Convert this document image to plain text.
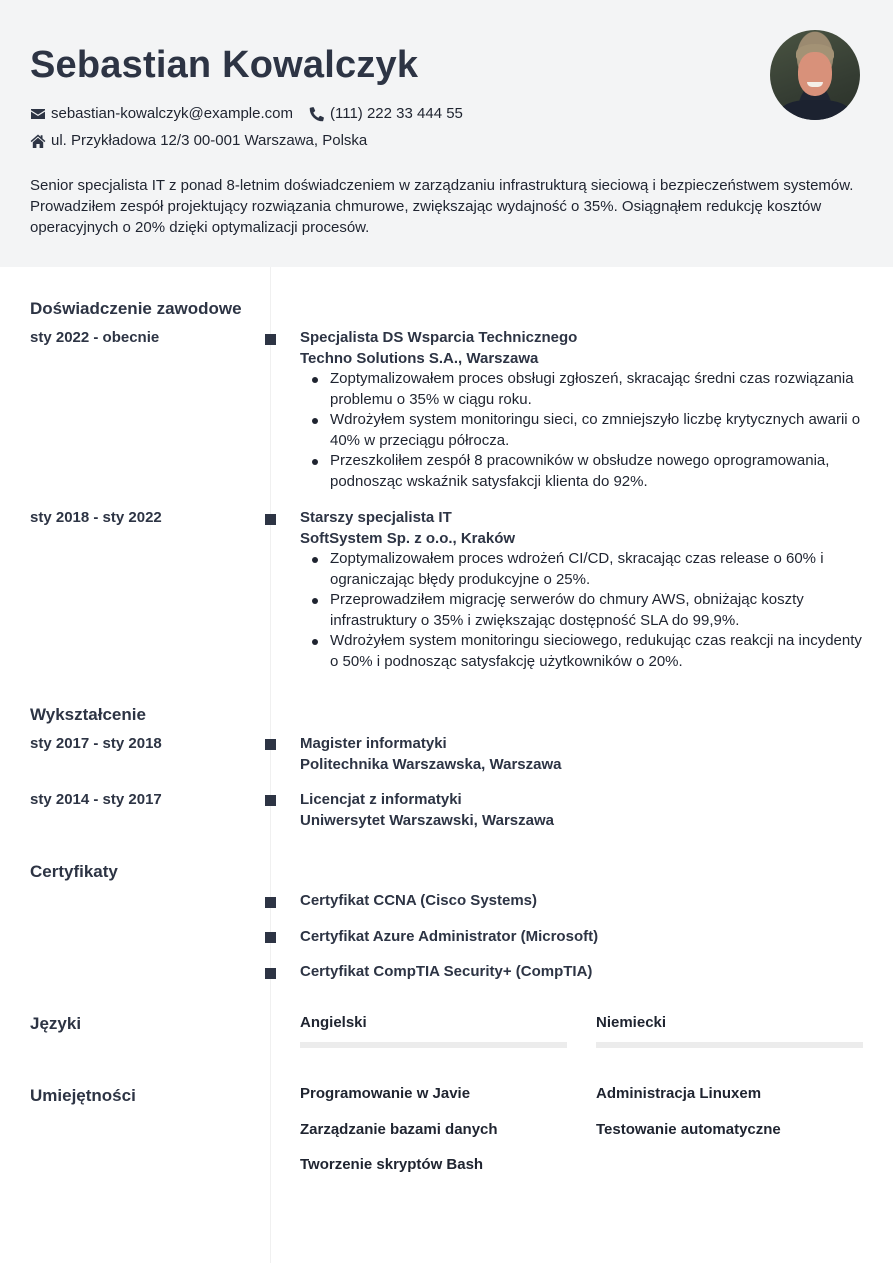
Sebastian Kowalczyk
sebastian-kowalczyk@example.com (111) 222 33 444 55
ul. Przykładowa 12/3 00-001 Warszawa, Polska
Senior specjalista IT z ponad 8-letnim doświadczeniem w zarządzaniu infrastrukturą sieciową i bezpieczeństwem systemów. Prowadziłem zespół projektujący rozwiązania chmurowe, zwiększając wydajność o 35%. Osiągnąłem redukcję kosztów operacyjnych o 20% dzięki optymalizacji procesów.
Doświadczenie zawodowe
sty 2022 - obecnie	Specjalista DS Wsparcia Technicznego
Techno Solutions S.A., Warszawa
Zoptymalizowałem proces obsługi zgłoszeń, skracając średni czas rozwiązania problemu o 35% w ciągu roku.
Wdrożyłem system monitoringu sieci, co zmniejszyło liczbę krytycznych awarii o 40% w przeciągu półrocza.
Przeszkoliłem zespół 8 pracowników w obsłudze nowego oprogramowania, podnosząc wskaźnik satysfakcji klienta do 92%.
sty 2018 - sty 2022	Starszy specjalista IT
SoftSystem Sp. z o.o., Kraków
Zoptymalizowałem proces wdrożeń CI/CD, skracając czas release o 60% i ograniczając błędy produkcyjne o 25%.
Przeprowadziłem migrację serwerów do chmury AWS, obniżając koszty infrastruktury o 35% i zwiększając dostępność SLA do 99,9%.
Wdrożyłem system monitoringu sieciowego, redukując czas reakcji na incydenty o 50% i podnosząc satysfakcję użytkowników o 20%.
Wykształcenie
sty 2017 - sty 2018	Magister informatyki
Politechnika Warszawska, Warszawa
sty 2014 - sty 2017	Licencjat z informatyki
Uniwersytet Warszawski, Warszawa
Certyfikaty
Certyfikat CCNA (Cisco Systems)
Certyfikat Azure Administrator (Microsoft)
Certyfikat CompTIA Security+ (CompTIA)
Języki	Angielski	Niemiecki
Umiejętności	Programowanie w Javie	Administracja Linuxem
Zarządzanie bazami danych	Testowanie automatyczne
Tworzenie skryptów Bash
